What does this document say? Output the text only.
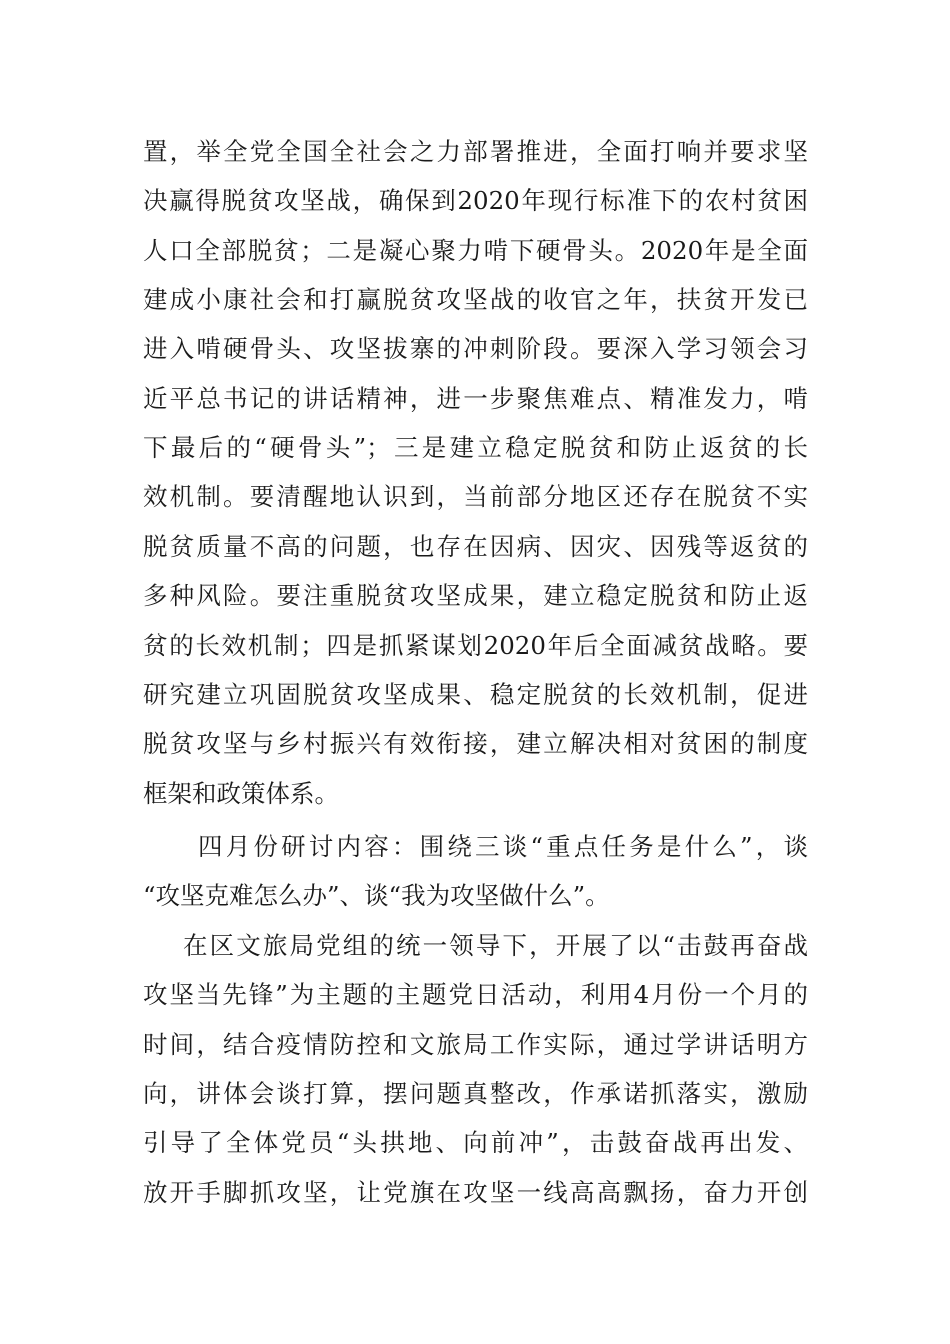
置，举全党全国全社会之力部署推进，全面打响并要求坚
决赢得脱贫攻坚战，确保到2020年现行标准下的农村贫困
人口全部脱贫；二是凝心聚力啃下硬骨头。2020年是全面
建成小康社会和打赢脱贫攻坚战的收官之年，扶贫开发已
进入啃硬骨头、攻坚拔寨的冲刺阶段。要深入学习领会习
近平总书记的讲话精神，进一步聚焦难点、精准发力，啃
下最后的“硬骨头”；三是建立稳定脱贫和防止返贫的长
效机制。要清醒地认识到，当前部分地区还存在脱贫不实
脱贫质量不高的问题，也存在因病、因灾、因残等返贫的
多种风险。要注重脱贫攻坚成果，建立稳定脱贫和防止返
贫的长效机制；四是抓紧谋划2020年后全面减贫战略。要
研究建立巩固脱贫攻坚成果、稳定脱贫的长效机制，促进
脱贫攻坚与乡村振兴有效衔接，建立解决相对贫困的制度
框架和政策体系。
四月份研讨内容：围绕三谈“重点任务是什么”，谈
“攻坚克难怎么办”、谈“我为攻坚做什么”。
在区文旅局党组的统一领导下，开展了以“击鼓再奋战
攻坚当先锋”为主题的主题党日活动，利用4月份一个月的
时间，结合疫情防控和文旅局工作实际，通过学讲话明方
向，讲体会谈打算，摆问题真整改，作承诺抓落实，激励
引导了全体党员“头拱地、向前冲”，击鼓奋战再出发、
放开手脚抓攻坚，让党旗在攻坚一线高高飘扬，奋力开创
